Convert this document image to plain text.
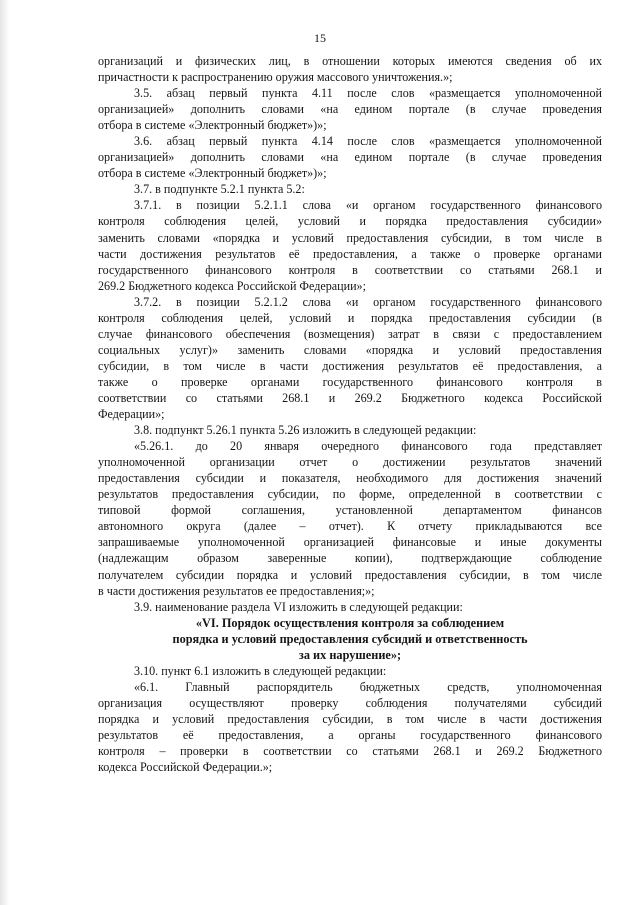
15
организаций и физических лиц, в отношении которых имеются сведения об их
причастности к распространению оружия массового уничтожения.»;
3.5. абзац первый пункта 4.11 после слов «размещается уполномоченной
организацией» дополнить словами «на едином портале (в случае проведения
отбора в системе «Электронный бюджет»)»;
3.6. абзац первый пункта 4.14 после слов «размещается уполномоченной
организацией» дополнить словами «на едином портале (в случае проведения
отбора в системе «Электронный бюджет»)»;
3.7. в подпункте 5.2.1 пункта 5.2:
3.7.1. в позиции 5.2.1.1 слова «и органом государственного финансового
контроля соблюдения целей, условий и порядка предоставления субсидии»
заменить словами «порядка и условий предоставления субсидии, в том числе в
части достижения результатов её предоставления, а также о проверке органами
государственного финансового контроля в соответствии со статьями 268.1 и
269.2 Бюджетного кодекса Российской Федерации»;
3.7.2. в позиции 5.2.1.2 слова «и органом государственного финансового
контроля соблюдения целей, условий и порядка предоставления субсидии (в
случае финансового обеспечения (возмещения) затрат в связи с предоставлением
социальных услуг)» заменить словами «порядка и условий предоставления
субсидии, в том числе в части достижения результатов её предоставления, а
также о проверке органами государственного финансового контроля в
соответствии со статьями 268.1 и 269.2 Бюджетного кодекса Российской
Федерации»;
3.8. подпункт 5.26.1 пункта 5.26 изложить в следующей редакции:
«5.26.1. до 20 января очередного финансового года представляет
уполномоченной организации отчет о достижении результатов значений
предоставления субсидии и показателя, необходимого для достижения значений
результатов предоставления субсидии, по форме, определенной в соответствии с
типовой формой соглашения, установленной департаментом финансов
автономного округа (далее – отчет). К отчету прикладываются все
запрашиваемые уполномоченной организацией финансовые и иные документы
(надлежащим образом заверенные копии), подтверждающие соблюдение
получателем субсидии порядка и условий предоставления субсидии, в том числе
в части достижения результатов ее предоставления;»;
3.9. наименование раздела VI изложить в следующей редакции:
«VI. Порядок осуществления контроля за соблюдением
порядка и условий предоставления субсидий и ответственность
за их нарушение»;
3.10. пункт 6.1 изложить в следующей редакции:
«6.1. Главный распорядитель бюджетных средств, уполномоченная
организация осуществляют проверку соблюдения получателями субсидий
порядка и условий предоставления субсидии, в том числе в части достижения
результатов её предоставления, а органы государственного финансового
контроля – проверки в соответствии со статьями 268.1 и 269.2 Бюджетного
кодекса Российской Федерации.»;
